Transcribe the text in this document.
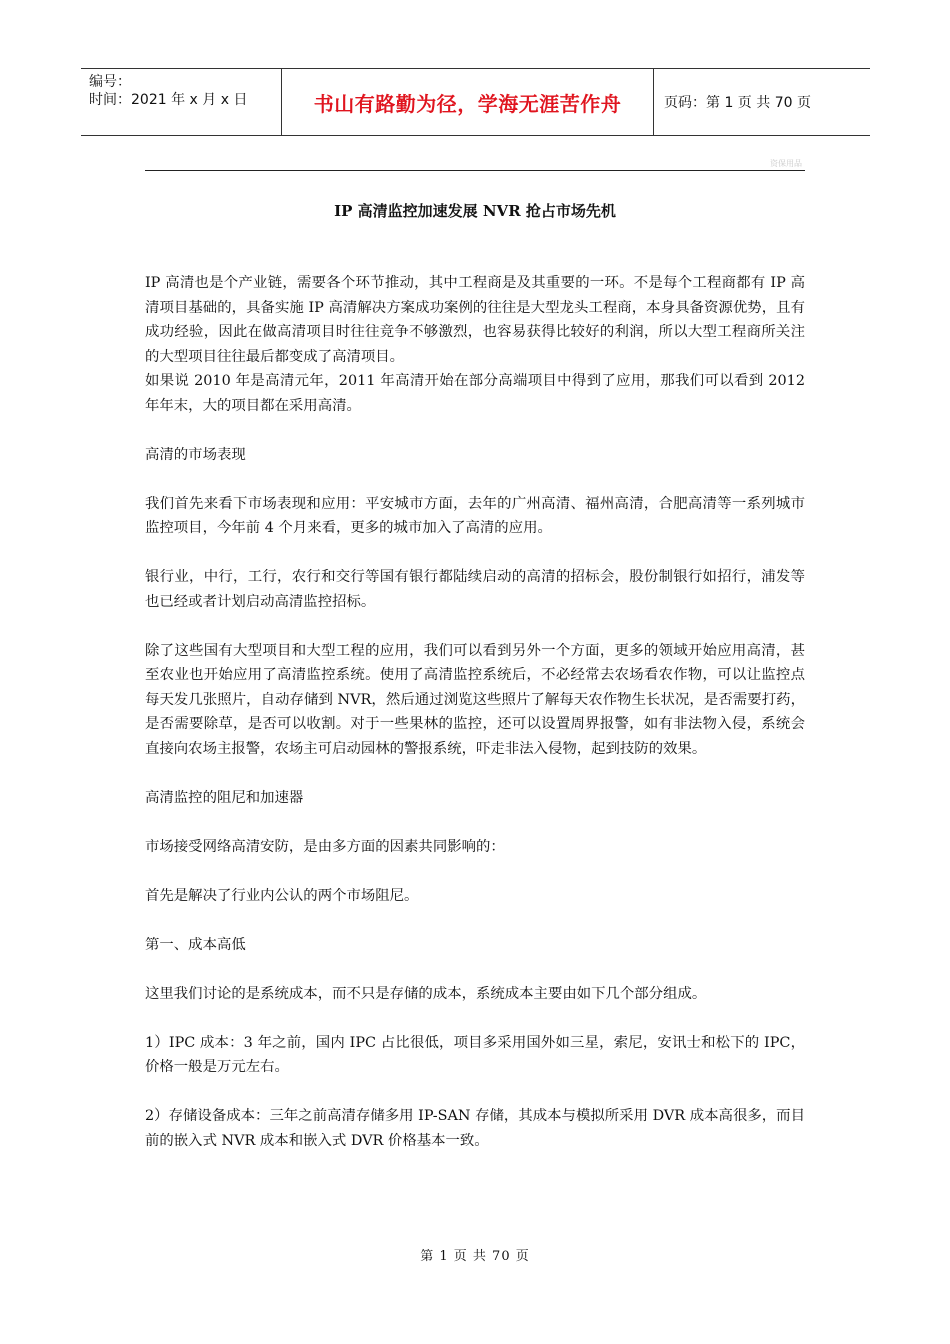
编号：
时间：2021 年 x 月 x 日	书山有路勤为径，学海无涯苦作舟	页码：第 1 页 共 70 页
资保用品
IP 高清监控加速发展 NVR 抢占市场先机

IP 高清也是个产业链，需要各个环节推动，其中工程商是及其重要的一环。不是每个工程商都有 IP 高清项目基础的，具备实施 IP 高清解决方案成功案例的往往是大型龙头工程商，本身具备资源优势，且有成功经验，因此在做高清项目时往往竞争不够激烈，也容易获得比较好的利润，所以大型工程商所关注的大型项目往往最后都变成了高清项目。

如果说 2010 年是高清元年，2011 年高清开始在部分高端项目中得到了应用，那我们可以看到 2012 年年末，大的项目都在采用高清。

高清的市场表现

我们首先来看下市场表现和应用：平安城市方面，去年的广州高清、福州高清，合肥高清等一系列城市监控项目，今年前 4 个月来看，更多的城市加入了高清的应用。

银行业，中行，工行，农行和交行等国有银行都陆续启动的高清的招标会，股份制银行如招行，浦发等也已经或者计划启动高清监控招标。

除了这些国有大型项目和大型工程的应用，我们可以看到另外一个方面，更多的领域开始应用高清，甚至农业也开始应用了高清监控系统。使用了高清监控系统后，不必经常去农场看农作物，可以让监控点每天发几张照片，自动存储到 NVR，然后通过浏览这些照片了解每天农作物生长状况，是否需要打药，是否需要除草，是否可以收割。对于一些果林的监控，还可以设置周界报警，如有非法物入侵，系统会直接向农场主报警，农场主可启动园林的警报系统，吓走非法入侵物，起到技防的效果。

高清监控的阻尼和加速器

市场接受网络高清安防，是由多方面的因素共同影响的：

首先是解决了行业内公认的两个市场阻尼。

第一、成本高低

这里我们讨论的是系统成本，而不只是存储的成本，系统成本主要由如下几个部分组成。

1）IPC 成本：3 年之前，国内 IPC 占比很低，项目多采用国外如三星，索尼，安讯士和松下的 IPC，价格一般是万元左右。

2）存储设备成本：三年之前高清存储多用 IP-SAN 存储，其成本与模拟所采用 DVR 成本高很多，而目前的嵌入式 NVR 成本和嵌入式 DVR 价格基本一致。

第 1 页 共 70 页
